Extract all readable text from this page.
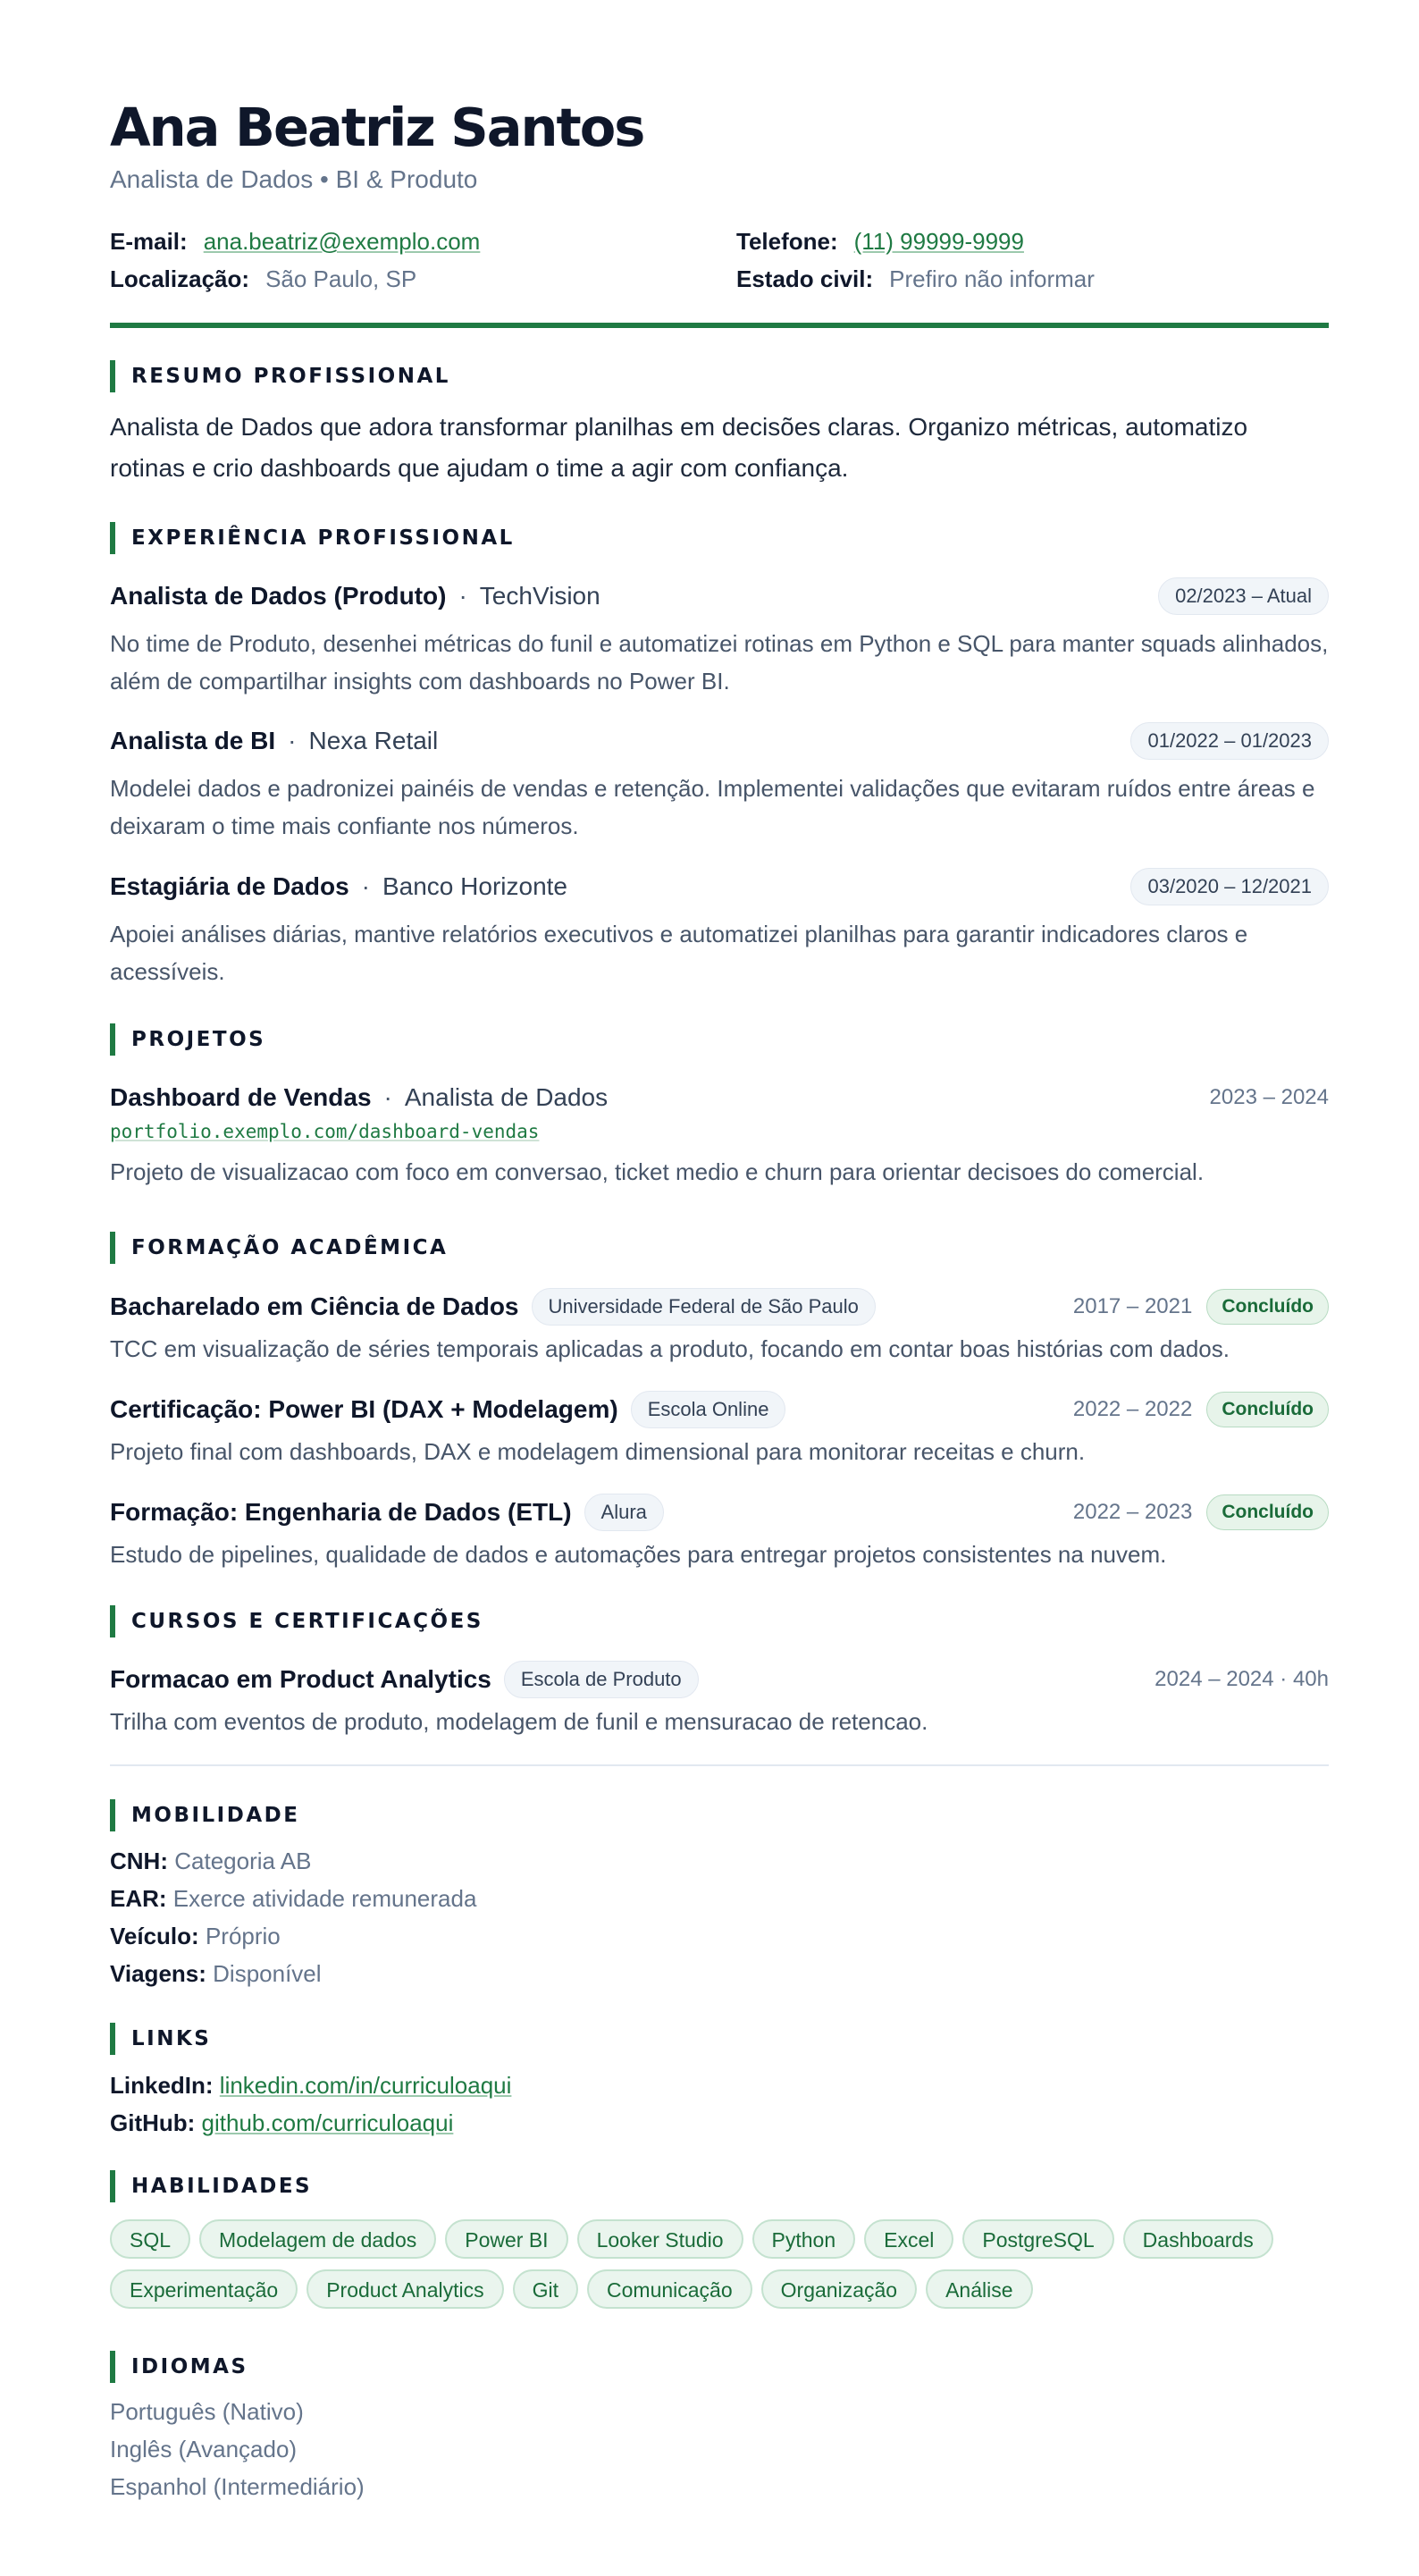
Ana Beatriz Santos
Analista de Dados • BI & Produto
E-mail: ana.beatriz@exemplo.com	Telefone: (11) 99999-9999
Localização: São Paulo, SP	Estado civil: Prefiro não informar
RESUMO PROFISSIONAL
Analista de Dados que adora transformar planilhas em decisões claras. Organizo métricas, automatizo rotinas e crio dashboards que ajudam o time a agir com confiança.
EXPERIÊNCIA PROFISSIONAL
Analista de Dados (Produto) · TechVision	02/2023 – Atual
No time de Produto, desenhei métricas do funil e automatizei rotinas em Python e SQL para manter squads alinhados, além de compartilhar insights com dashboards no Power BI.
Analista de BI · Nexa Retail	01/2022 – 01/2023
Modelei dados e padronizei painéis de vendas e retenção. Implementei validações que evitaram ruídos entre áreas e deixaram o time mais confiante nos números.
Estagiária de Dados · Banco Horizonte	03/2020 – 12/2021
Apoiei análises diárias, mantive relatórios executivos e automatizei planilhas para garantir indicadores claros e acessíveis.
PROJETOS
Dashboard de Vendas · Analista de Dados	2023 – 2024
portfolio.exemplo.com/dashboard-vendas
Projeto de visualizacao com foco em conversao, ticket medio e churn para orientar decisoes do comercial.
FORMAÇÃO ACADÊMICA
Bacharelado em Ciência de Dados	Universidade Federal de São Paulo	2017 – 2021	Concluído
TCC em visualização de séries temporais aplicadas a produto, focando em contar boas histórias com dados.
Certificação: Power BI (DAX + Modelagem)	Escola Online	2022 – 2022	Concluído
Projeto final com dashboards, DAX e modelagem dimensional para monitorar receitas e churn.
Formação: Engenharia de Dados (ETL)	Alura	2022 – 2023	Concluído
Estudo de pipelines, qualidade de dados e automações para entregar projetos consistentes na nuvem.
CURSOS E CERTIFICAÇÕES
Formacao em Product Analytics	Escola de Produto	2024 – 2024 · 40h
Trilha com eventos de produto, modelagem de funil e mensuracao de retencao.
MOBILIDADE
CNH: Categoria AB
EAR: Exerce atividade remunerada
Veículo: Próprio
Viagens: Disponível
LINKS
LinkedIn: linkedin.com/in/curriculoaqui
GitHub: github.com/curriculoaqui
HABILIDADES
SQL	Modelagem de dados	Power BI	Looker Studio	Python	Excel	PostgreSQL	Dashboards
Experimentação	Product Analytics	Git	Comunicação	Organização	Análise
IDIOMAS
Português (Nativo)
Inglês (Avançado)
Espanhol (Intermediário)
